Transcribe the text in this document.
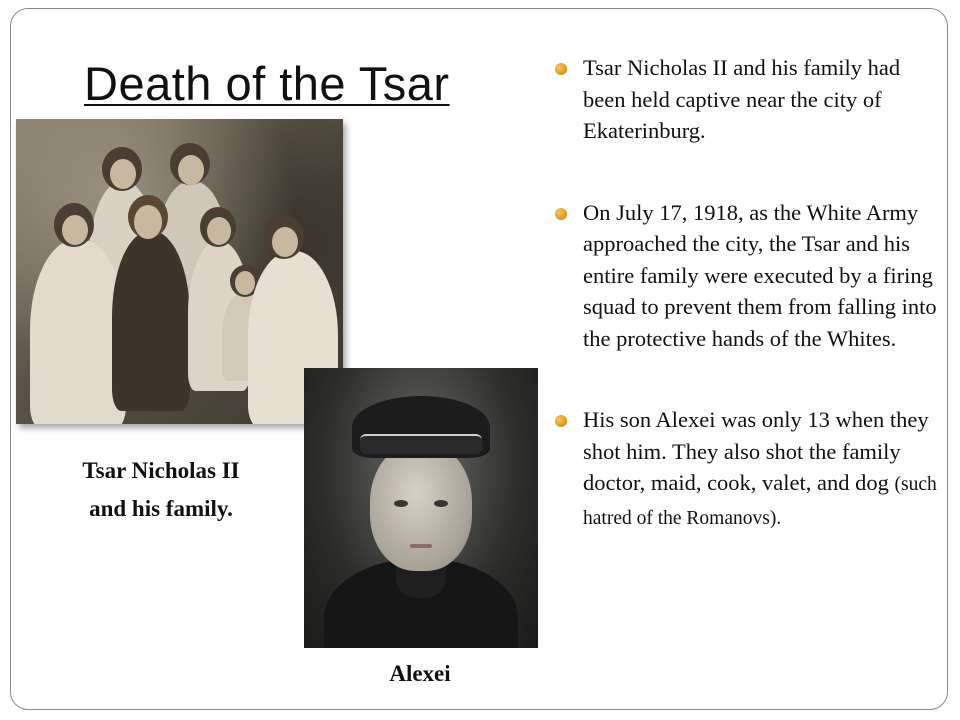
Death of the Tsar
Tsar Nicholas II
and his family.
Alexei
Tsar Nicholas II and his family had been held captive near the city of Ekaterinburg.
On July 17, 1918, as the White Army approached the city, the Tsar and his entire family were executed by a firing squad to prevent them from falling into the protective hands of the Whites.
His son Alexei was only 13 when they shot him. They also shot the family doctor, maid, cook, valet, and dog (such hatred of the Romanovs).
